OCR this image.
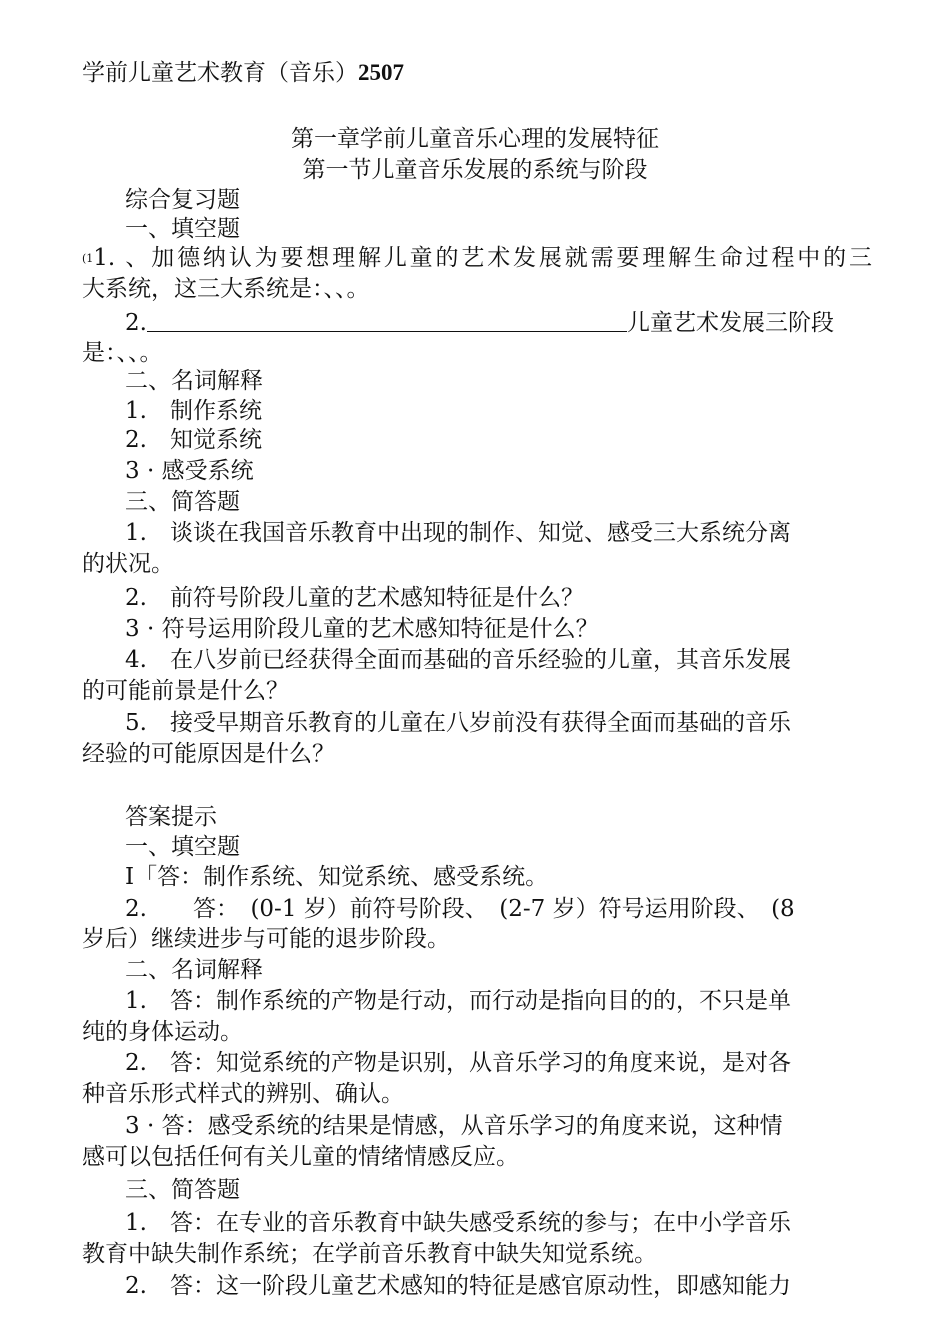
学前儿童艺术教育（音乐）2507
第一章学前儿童音乐心理的发展特征
第一节儿童音乐发展的系统与阶段
综合复习题
一、填空题
(11. 、加德纳认为要想理解儿童的艺术发展就需要理解生命过程中的三
大系统，这三大系统是：、、。
2.	儿童艺术发展三阶段
是：、、。
二、名词解释
1.　制作系统
2.　知觉系统
3 · 感受系统
三、简答题
1.　谈谈在我国音乐教育中出现的制作、知觉、感受三大系统分离
的状况。
2.　前符号阶段儿童的艺术感知特征是什么？
3 · 符号运用阶段儿童的艺术感知特征是什么？
4.　在八岁前已经获得全面而基础的音乐经验的儿童，其音乐发展
的可能前景是什么？
5.　接受早期音乐教育的儿童在八岁前没有获得全面而基础的音乐
经验的可能原因是什么？
答案提示
一、填空题
I「答：制作系统、知觉系统、感受系统。
2.　　答：　(0-1 岁）前符号阶段、　(2-7 岁）符号运用阶段、　(8
岁后）继续进步与可能的退步阶段。
二、名词解释
1.　答：制作系统的产物是行动，而行动是指向目的的，不只是单
纯的身体运动。
2.　答：知觉系统的产物是识别，从音乐学习的角度来说，是对各
种音乐形式样式的辨别、确认。
3 · 答：感受系统的结果是情感，从音乐学习的角度来说，这种情
感可以包括任何有关儿童的情绪情感反应。
三、简答题
1.　答：在专业的音乐教育中缺失感受系统的参与；在中小学音乐
教育中缺失制作系统；在学前音乐教育中缺失知觉系统。
2.　答：这一阶段儿童艺术感知的特征是感官原动性，即感知能力
